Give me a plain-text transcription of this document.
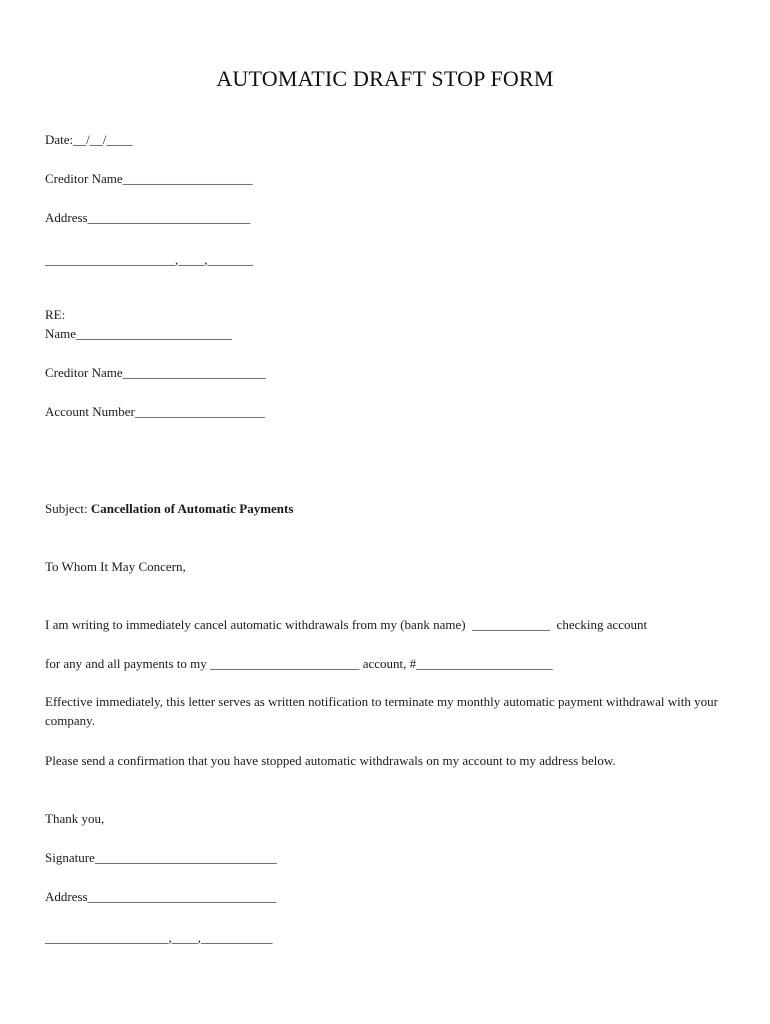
AUTOMATIC DRAFT STOP FORM

Date:__/__/____

Creditor Name____________________

Address_________________________

____________________,____,_______

RE:

Name________________________

Creditor Name______________________

Account Number____________________

Subject: Cancellation of Automatic Payments

To Whom It May Concern,

I am writing to immediately cancel automatic withdrawals from my (bank name)  ____________  checking account

for any and all payments to my _______________________ account, #_____________________

Effective immediately, this letter serves as written notification to terminate my monthly automatic payment withdrawal with your company.

Please send a confirmation that you have stopped automatic withdrawals on my account to my address below.

Thank you,

Signature____________________________

Address_____________________________

___________________,____,___________
